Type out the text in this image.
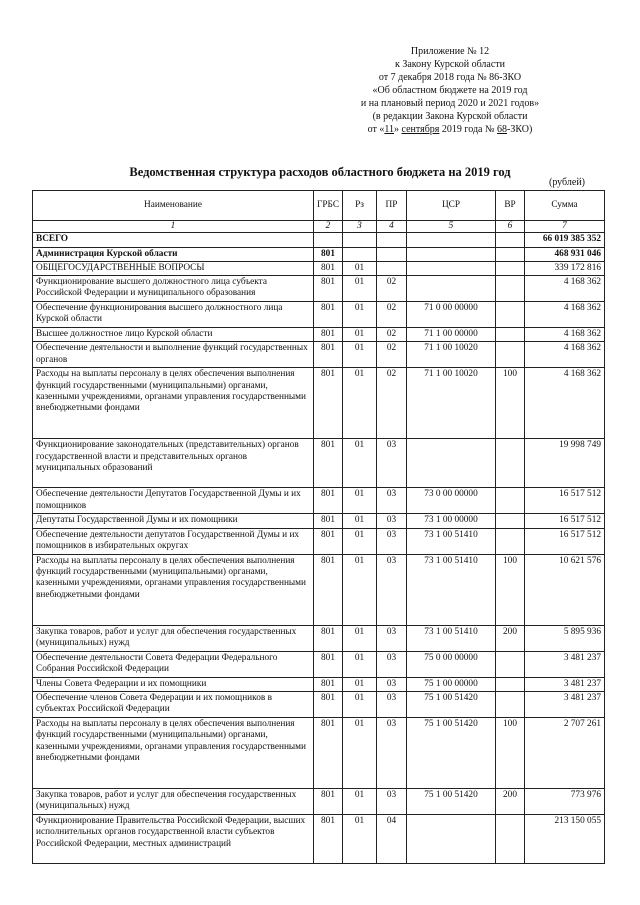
Приложение № 12
к Закону Курской области
от 7 декабря 2018 года № 86-ЗКО
«Об областном бюджете на 2019 год
и на плановый период 2020 и 2021 годов»
(в редакции Закона Курской области
от «11» сентября 2019 года № 68-ЗКО)
Ведомственная структура расходов областного бюджета на 2019 год
(рублей)
Наименование	ГРБС	Рз	ПР	ЦСР	ВР	Сумма
1	2	3	4	5	6	7
ВСЕГО						66 019 385 352
Администрация Курской области	801					468 931 046
ОБЩЕГОСУДАРСТВЕННЫЕ ВОПРОСЫ	801	01				339 172 816
Функционирование высшего должностного лица субъекта Российской Федерации и муниципального образования	801	01	02			4 168 362
Обеспечение функционирования высшего должностного лица Курской области	801	01	02	71 0 00 00000		4 168 362
Высшее должностное лицо Курской области	801	01	02	71 1 00 00000		4 168 362
Обеспечение деятельности и выполнение функций государственных органов	801	01	02	71 1 00 10020		4 168 362
Расходы на выплаты персоналу в целях обеспечения выполнения функций государственными (муниципальными) органами, казенными учреждениями, органами управления государственными внебюджетными фондами	801	01	02	71 1 00 10020	100	4 168 362
Функционирование законодательных (представительных) органов государственной власти и представительных органов муниципальных образований	801	01	03			19 998 749
Обеспечение деятельности Депутатов Государственной Думы и их помощников	801	01	03	73 0 00 00000		16 517 512
Депутаты Государственной Думы и их помощники	801	01	03	73 1 00 00000		16 517 512
Обеспечение деятельности депутатов Государственной Думы и их помощников в избирательных округах	801	01	03	73 1 00 51410		16 517 512
Расходы на выплаты персоналу в целях обеспечения выполнения функций государственными (муниципальными) органами, казенными учреждениями, органами управления государственными внебюджетными фондами	801	01	03	73 1 00 51410	100	10 621 576
Закупка товаров, работ и услуг для обеспечения государственных (муниципальных) нужд	801	01	03	73 1 00 51410	200	5 895 936
Обеспечение деятельности Совета Федерации Федерального Собрания Российской Федерации	801	01	03	75 0 00 00000		3 481 237
Члены Совета Федерации и их помощники	801	01	03	75 1 00 00000		3 481 237
Обеспечение членов Совета Федерации и их помощников в субъектах Российской Федерации	801	01	03	75 1 00 51420		3 481 237
Расходы на выплаты персоналу в целях обеспечения выполнения функций государственными (муниципальными) органами, казенными учреждениями, органами управления государственными внебюджетными фондами	801	01	03	75 1 00 51420	100	2 707 261
Закупка товаров, работ и услуг для обеспечения государственных (муниципальных) нужд	801	01	03	75 1 00 51420	200	773 976
Функционирование Правительства Российской Федерации, высших исполнительных органов государственной власти субъектов Российской Федерации, местных администраций	801	01	04			213 150 055
